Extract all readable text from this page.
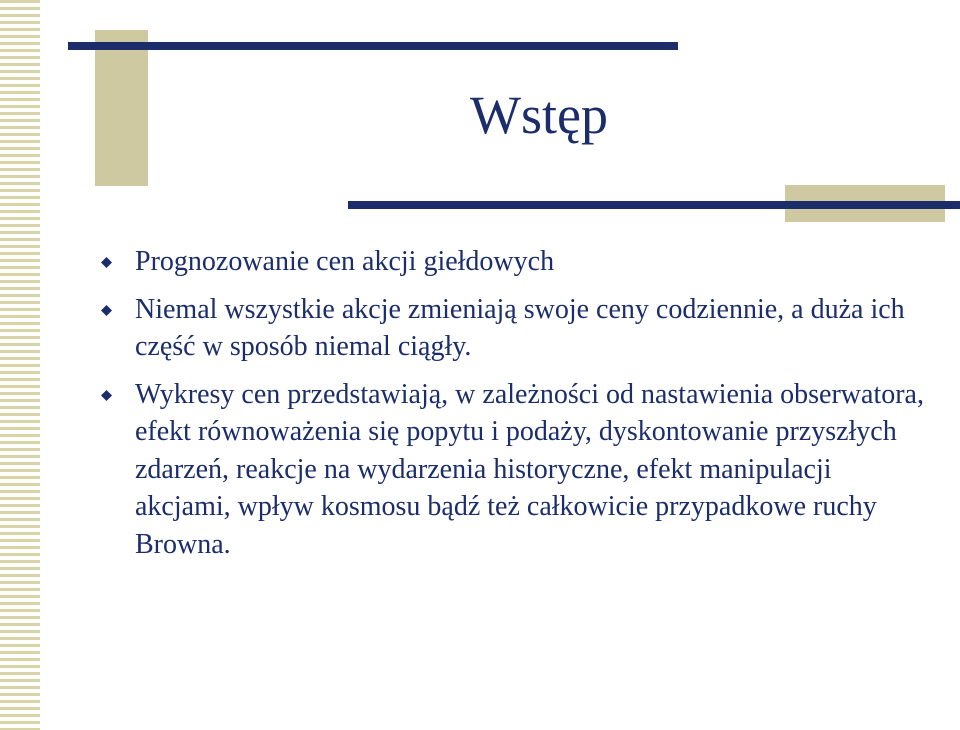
Wstęp
Prognozowanie cen akcji giełdowych
Niemal wszystkie akcje zmieniają swoje ceny codziennie, a duża ich część w sposób niemal ciągły.
Wykresy cen przedstawiają, w zależności od nastawienia obserwatora, efekt równoważenia się popytu i podaży, dyskontowanie przyszłych zdarzeń, reakcje na wydarzenia historyczne, efekt manipulacji akcjami, wpływ kosmosu bądź też całkowicie przypadkowe ruchy Browna.
